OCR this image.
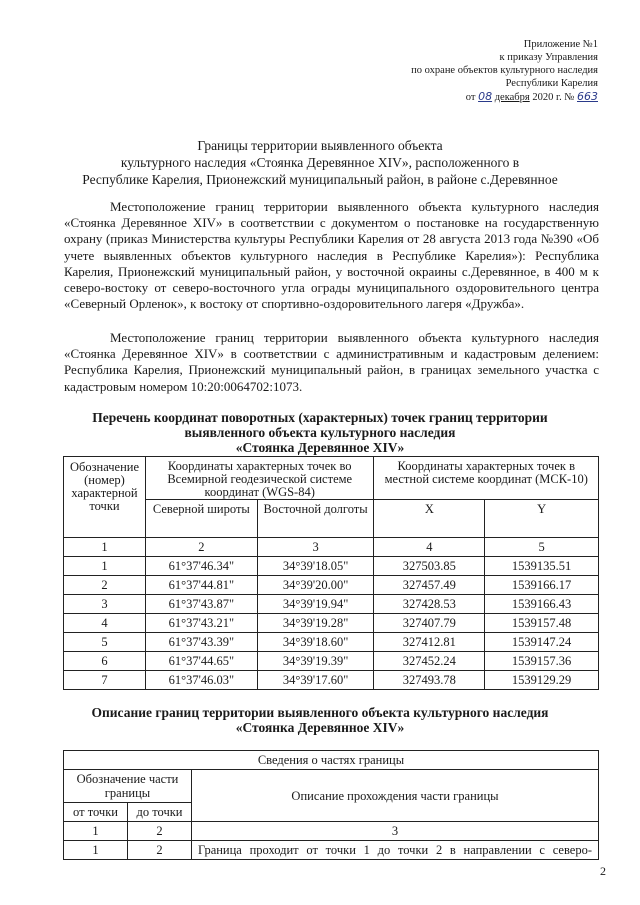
Приложение №1
к приказу Управления
по охране объектов культурного наследия
Республики Карелия
от 08 декабря 2020 г. № 663
Границы территории выявленного объекта
культурного наследия «Стоянка Деревянное XIV», расположенного в
Республике Карелия, Прионежский муниципальный район, в районе с.Деревянное
Местоположение границ территории выявленного объекта культурного наследия «Стоянка Деревянное XIV» в соответствии с документом о постановке на государственную охрану (приказ Министерства культуры Республики Карелия от 28 августа 2013 года №390 «Об учете выявленных объектов культурного наследия в Республике Карелия»): Республика Карелия, Прионежский муниципальный район, у восточной окраины с.Деревянное, в 400 м к северо-востоку от северо-восточного угла ограды муниципального оздоровительного центра «Северный Орленок», к востоку от спортивно-оздоровительного лагеря «Дружба».
Местоположение границ территории выявленного объекта культурного наследия «Стоянка Деревянное XIV» в соответствии с административным и кадастровым делением: Республика Карелия, Прионежский муниципальный район, в границах земельного участка с кадастровым номером 10:20:0064702:1073.
Перечень координат поворотных (характерных) точек границ территории
выявленного объекта культурного наследия
«Стоянка Деревянное XIV»
Обозначение (номер) характерной точки	Координаты характерных точек во Всемирной геодезической системе координат (WGS-84)		Координаты характерных точек в местной системе координат (МСК-10)	
	Северной широты	Восточной долготы	X	Y
1	2	3	4	5
1	61°37'46.34"	34°39'18.05"	327503.85	1539135.51
2	61°37'44.81"	34°39'20.00"	327457.49	1539166.17
3	61°37'43.87"	34°39'19.94"	327428.53	1539166.43
4	61°37'43.21"	34°39'19.28"	327407.79	1539157.48
5	61°37'43.39"	34°39'18.60"	327412.81	1539147.24
6	61°37'44.65"	34°39'19.39"	327452.24	1539157.36
7	61°37'46.03"	34°39'17.60"	327493.78	1539129.29
Описание границ территории выявленного объекта культурного наследия
«Стоянка Деревянное XIV»
Сведения о частях границы		
Обозначение части границы		Описание прохождения части границы
от точки	до точки	
1	2	3
1	2	Граница проходит от точки 1 до точки 2 в направлении с северо-
2
